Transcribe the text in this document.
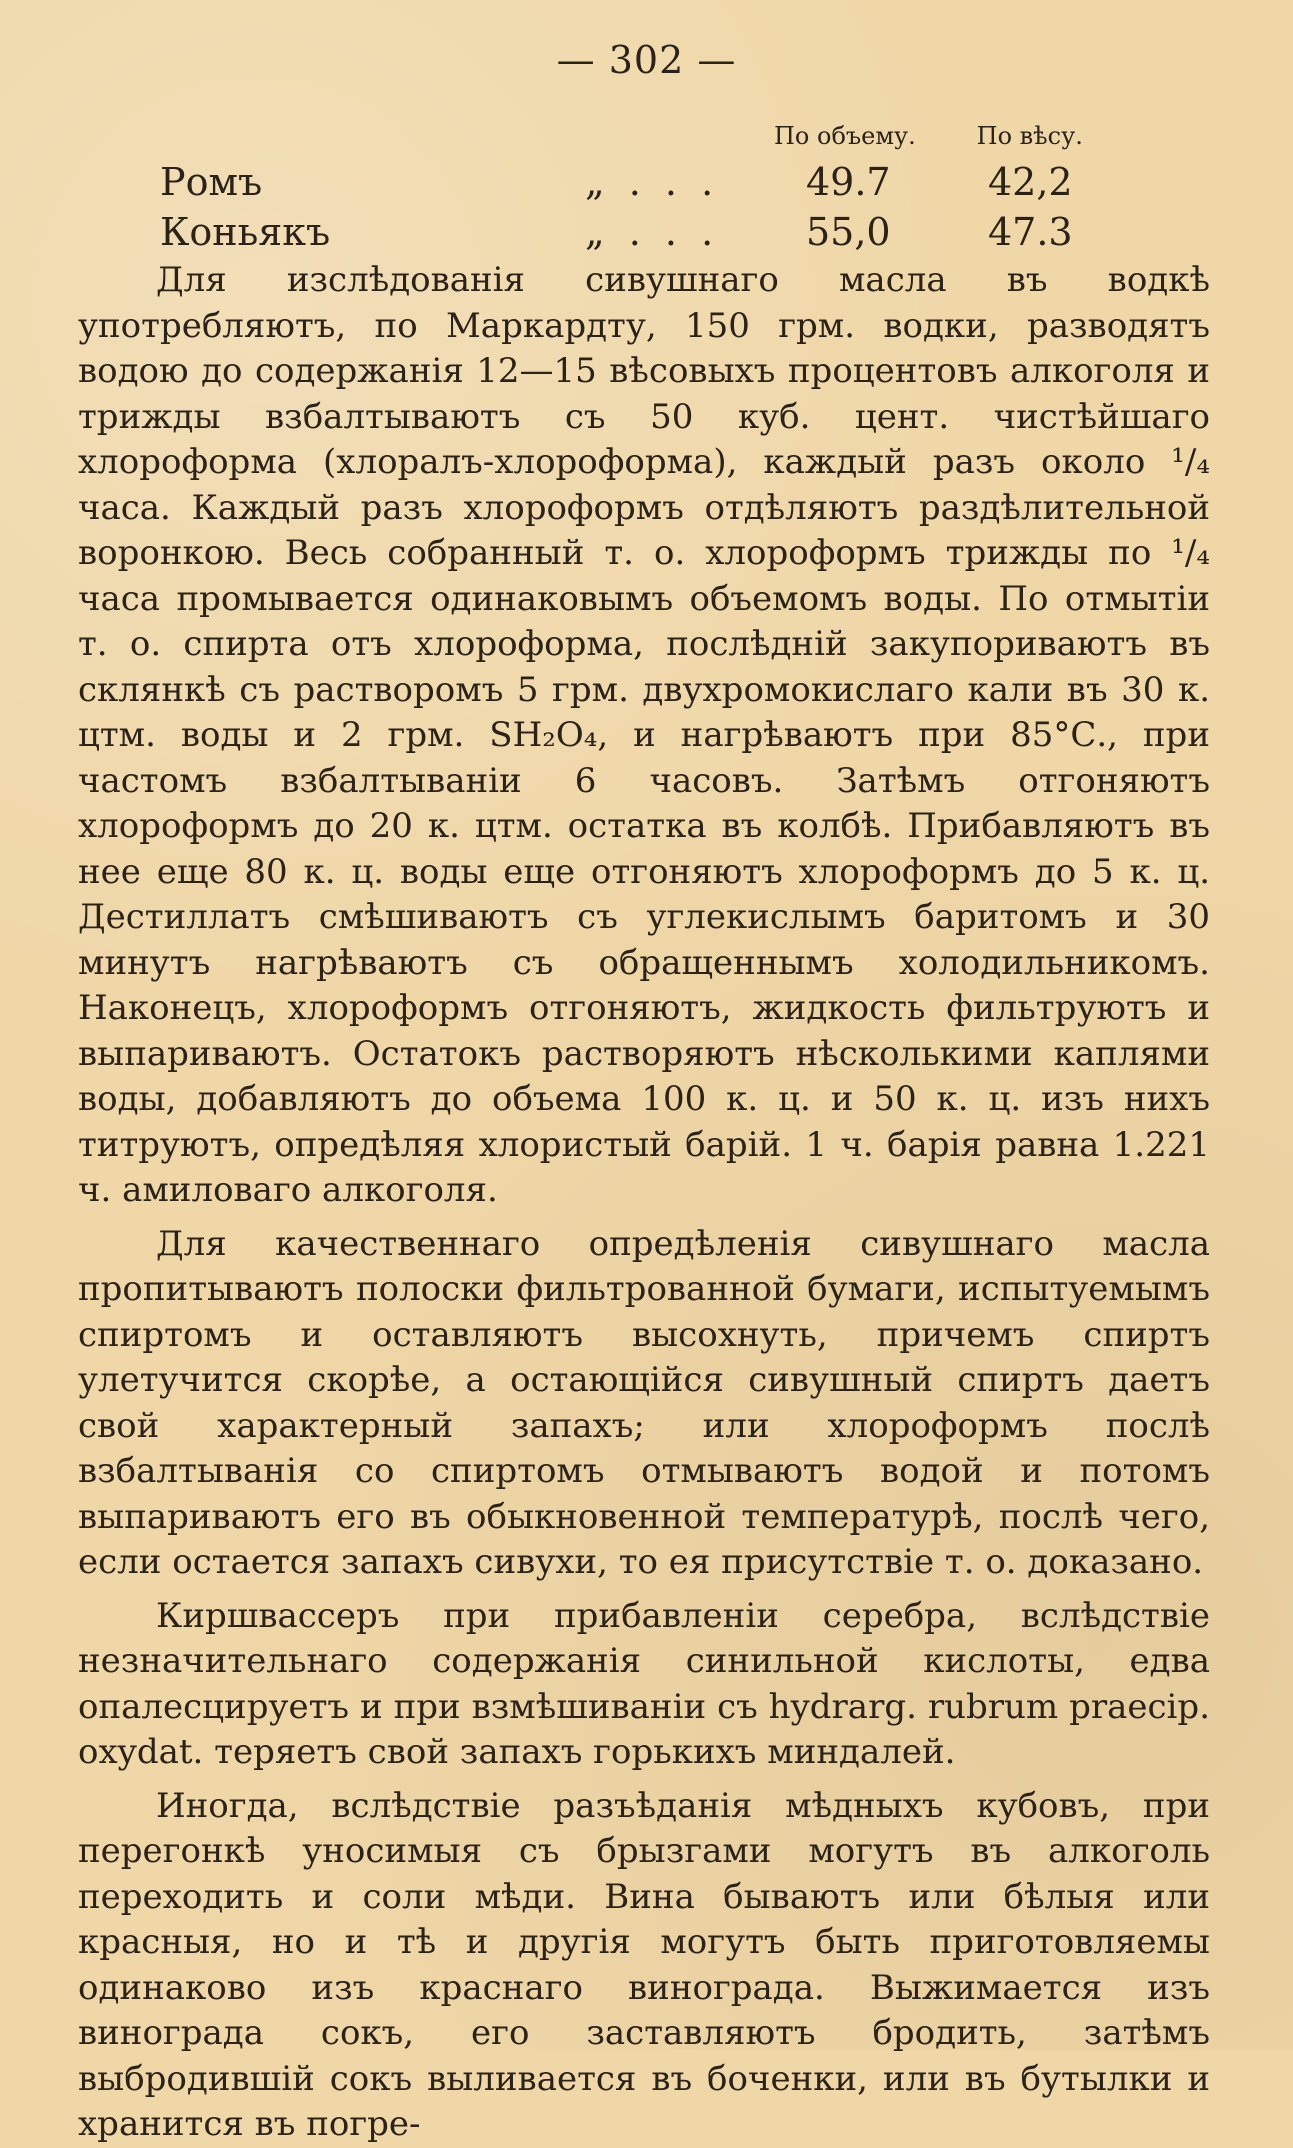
— 302 —
По объему.	По вѣсу.
Ромъ	„ . . . 49.7	42,2
Коньякъ	„ . . . 55,0	47.3

Для изслѣдованія сивушнаго масла въ водкѣ употребляютъ, по Маркардту, 150 грм. водки, разводятъ водою до содержанія 12—15 вѣсовыхъ процентовъ алкоголя и трижды взбалтываютъ съ 50 куб. цент. чистѣйшаго хлороформа (хлоралъ-хлороформа), каждый разъ около ¹/₄ часа. Каждый разъ хлороформъ отдѣляютъ раздѣлительной воронкою. Весь собранный т. о. хлороформъ трижды по ¹/₄ часа промывается одинаковымъ объемомъ воды. По отмытіи т. о. спирта отъ хлороформа, послѣдній закупориваютъ въ склянкѣ съ растворомъ 5 грм. двухромокислаго кали въ 30 к. цтм. воды и 2 грм. SH₂O₄, и нагрѣваютъ при 85°С., при частомъ взбалтываніи 6 часовъ. Затѣмъ отгоняютъ хлороформъ до 20 к. цтм. остатка въ колбѣ. Прибавляютъ въ нее еще 80 к. ц. воды еще отгоняютъ хлороформъ до 5 к. ц. Дестиллатъ смѣшиваютъ съ углекислымъ баритомъ и 30 минутъ нагрѣваютъ съ обращеннымъ холодильникомъ. Наконецъ, хлороформъ отгоняютъ, жидкость фильтруютъ и выпариваютъ. Остатокъ растворяютъ нѣсколькими каплями воды, добавляютъ до объема 100 к. ц. и 50 к. ц. изъ нихъ титруютъ, опредѣляя хлористый барій. 1 ч. барія равна 1.221 ч. амиловаго алкоголя.

Для качественнаго опредѣленія сивушнаго масла пропитываютъ полоски фильтрованной бумаги, испытуемымъ спиртомъ и оставляютъ высохнуть, причемъ спиртъ улетучится скорѣе, а остающійся сивушный спиртъ даетъ свой характерный запахъ; или хлороформъ послѣ взбалтыванія со спиртомъ отмываютъ водой и потомъ выпариваютъ его въ обыкновенной температурѣ, послѣ чего, если остается запахъ сивухи, то ея присутствіе т. о. доказано.

Киршвассеръ при прибавленіи серебра, вслѣдствіе незначительнаго содержанія синильной кислоты, едва опалесцируетъ и при взмѣшиваніи съ hydrarg. rubrum praecip. oxydat. теряетъ свой запахъ горькихъ миндалей.

Иногда, вслѣдствіе разъѣданія мѣдныхъ кубовъ, при перегонкѣ уносимыя съ брызгами могутъ въ алкоголь переходить и соли мѣди. Вина бываютъ или бѣлыя или красныя, но и тѣ и другія могутъ быть приготовляемы одинаково изъ краснаго винограда. Выжимается изъ винограда сокъ, его заставляютъ бродить, затѣмъ выбродившій сокъ выливается въ боченки, или въ бутылки и хранится въ погре-
